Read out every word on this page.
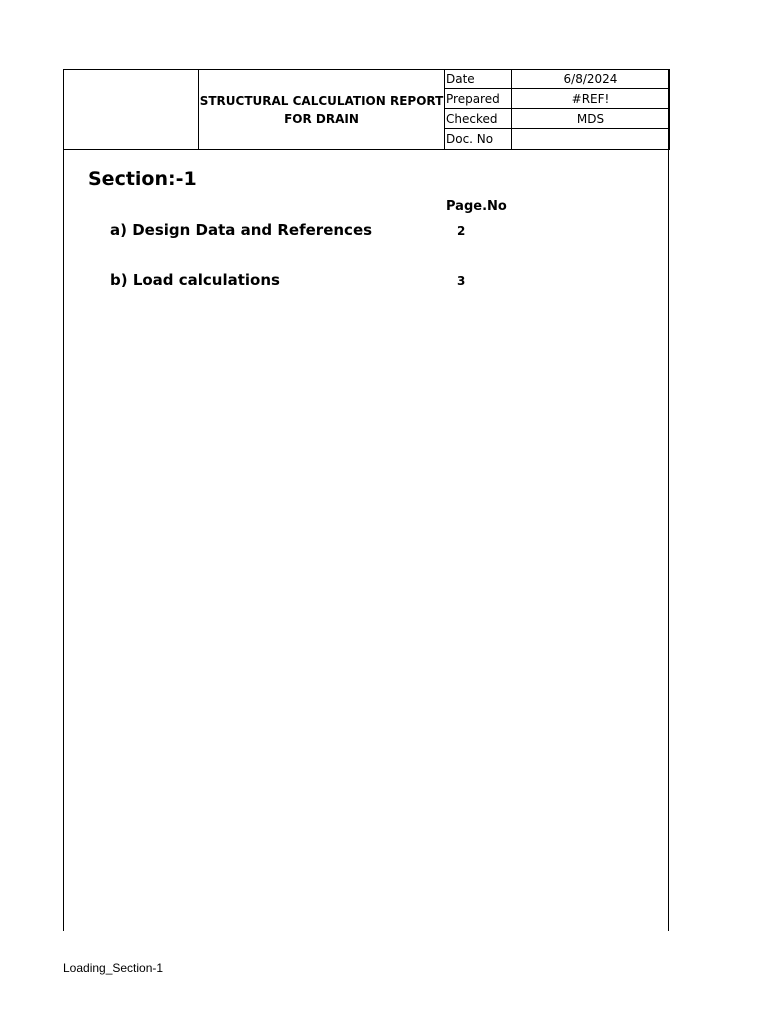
	STRUCTURAL CALCULATION REPORT
FOR DRAIN	Date	6/8/2024
		Prepared	#REF!
		Checked	MDS
		Doc. No	
Section:-1
Page.No
a) Design Data and References	2
b) Load calculations	3
Loading_Section-1
